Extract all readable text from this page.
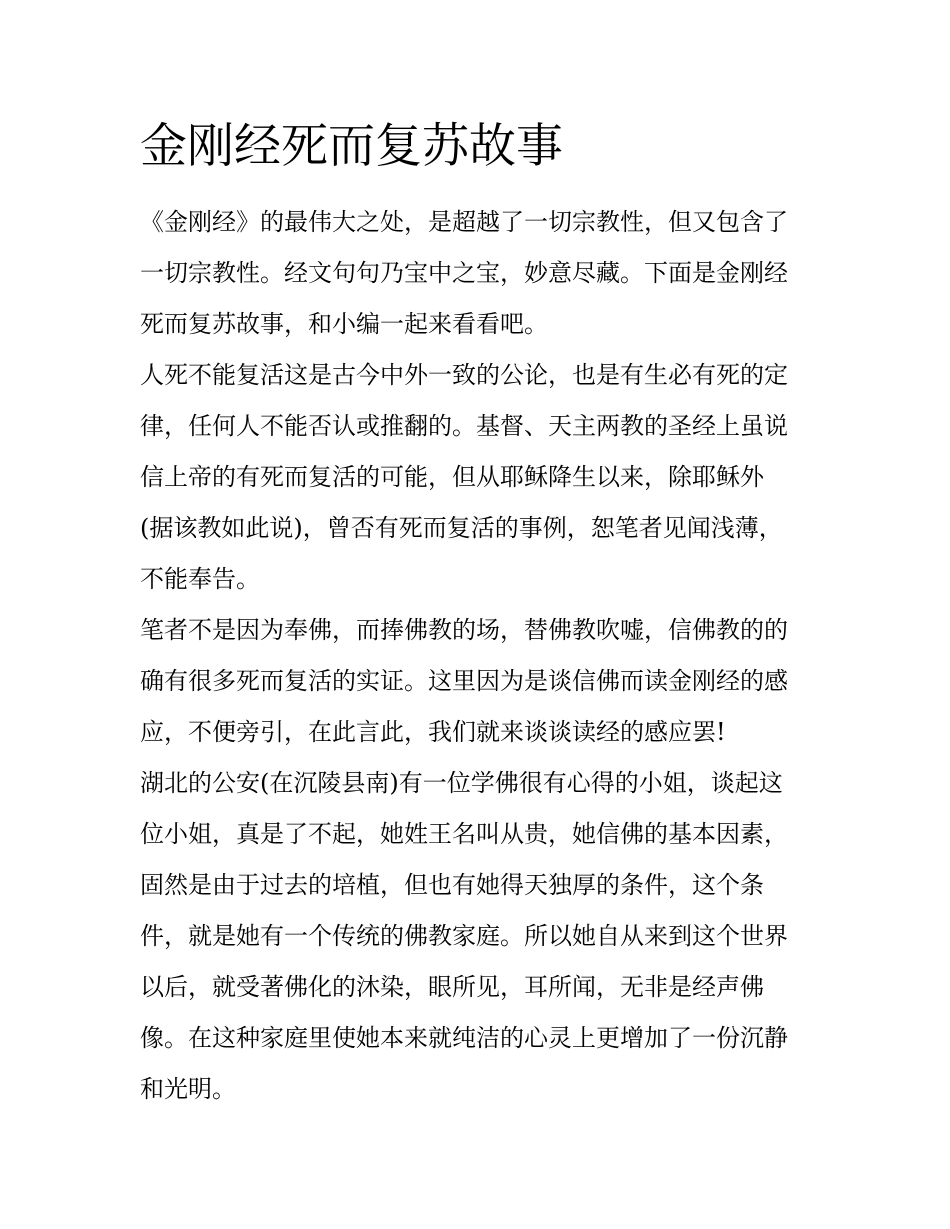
金刚经死而复苏故事

《金刚经》的最伟大之处，是超越了一切宗教性，但又包含了

一切宗教性。经文句句乃宝中之宝，妙意尽藏。下面是金刚经

死而复苏故事，和小编一起来看看吧。

人死不能复活这是古今中外一致的公论，也是有生必有死的定

律，任何人不能否认或推翻的。基督、天主两教的圣经上虽说

信上帝的有死而复活的可能，但从耶稣降生以来，除耶稣外

(据该教如此说)，曾否有死而复活的事例，恕笔者见闻浅薄，

不能奉告。

笔者不是因为奉佛，而捧佛教的场，替佛教吹嘘，信佛教的的

确有很多死而复活的实证。这里因为是谈信佛而读金刚经的感

应，不便旁引，在此言此，我们就来谈谈读经的感应罢!

湖北的公安(在沉陵县南)有一位学佛很有心得的小姐，谈起这

位小姐，真是了不起，她姓王名叫从贵，她信佛的基本因素，

固然是由于过去的培植，但也有她得天独厚的条件，这个条

件，就是她有一个传统的佛教家庭。所以她自从来到这个世界

以后，就受著佛化的沐染，眼所见，耳所闻，无非是经声佛

像。在这种家庭里使她本来就纯洁的心灵上更增加了一份沉静

和光明。
